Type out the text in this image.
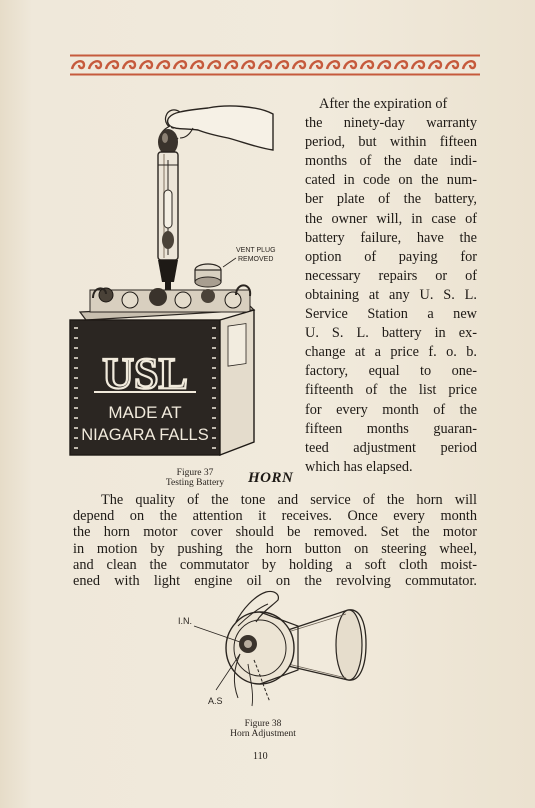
VENT PLUG
REMOVED
USL
MADE AT
NIAGARA FALLS
Figure 37
Testing Battery
After the expiration of
the ninety-day warranty
period, but within fifteen
months of the date indi-
cated in code on the num-
ber plate of the battery,
the owner will, in case of
battery failure, have the
option of paying for
necessary repairs or of
obtaining at any U. S. L.
Service Station a new
U. S. L. battery in ex-
change at a price f. o. b.
factory, equal to one-
fifteenth of the list price
for every month of the
fifteen months guaran-
teed adjustment period
which has elapsed.
HORN
The quality of the tone and service of the horn will
depend on the attention it receives. Once every month
the horn motor cover should be removed. Set the motor
in motion by pushing the horn button on steering wheel,
and clean the commutator by holding a soft cloth moist-
ened with light engine oil on the revolving commutator.
I.N.
A.S
Figure 38
Horn Adjustment
110
